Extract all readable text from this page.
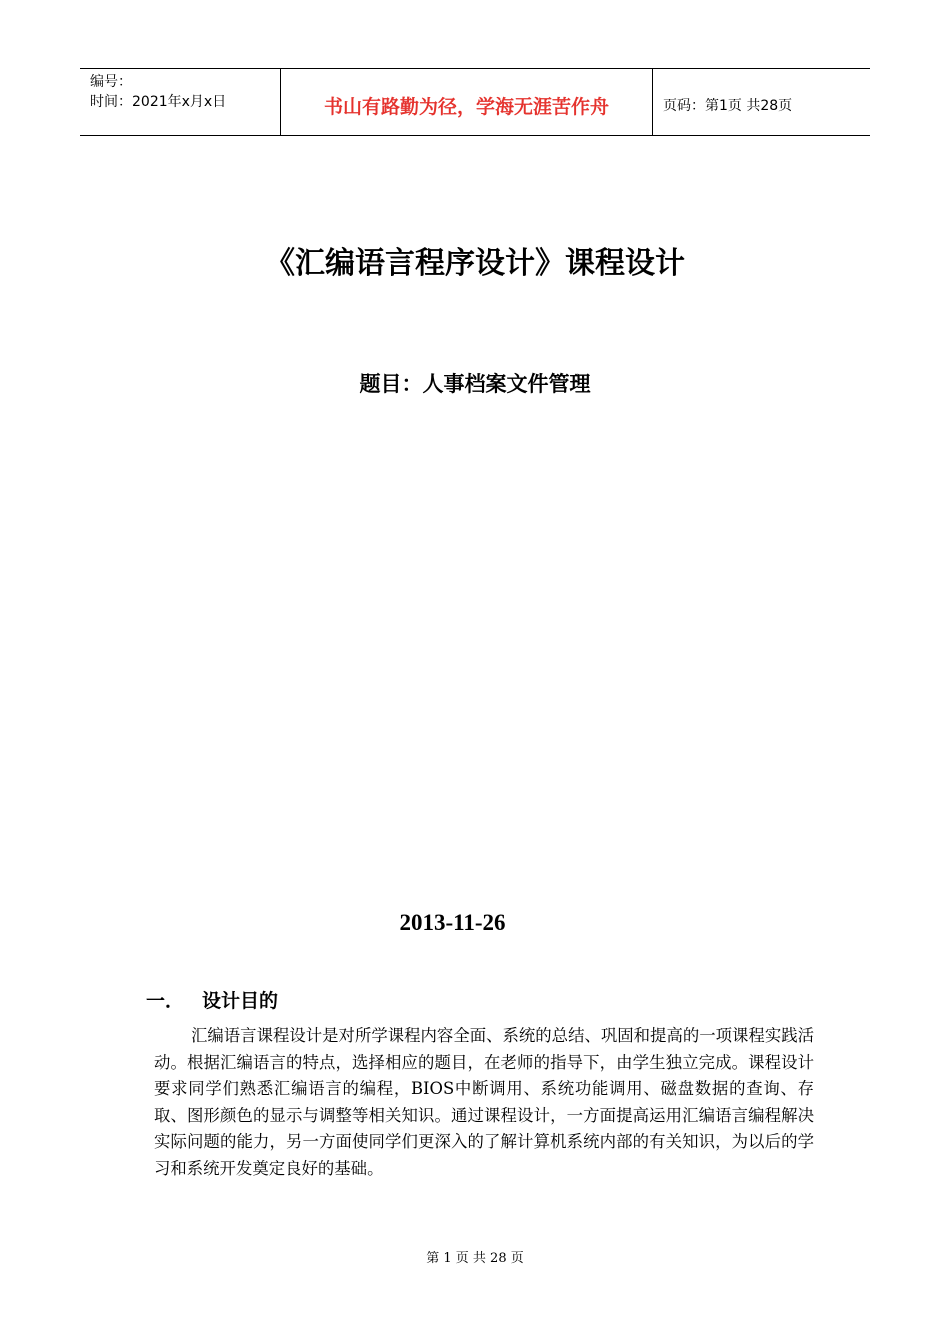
编号：
时间：2021年x月x日	书山有路勤为径，学海无涯苦作舟	页码：第1页 共28页
《汇编语言程序设计》课程设计
题目：人事档案文件管理
2013-11-26
一． 设计目的
汇编语言课程设计是对所学课程内容全面、系统的总结、巩固和提高的一项课程实践活动。根据汇编语言的特点，选择相应的题目，在老师的指导下，由学生独立完成。课程设计要求同学们熟悉汇编语言的编程，BIOS中断调用、系统功能调用、磁盘数据的查询、存取、图形颜色的显示与调整等相关知识。通过课程设计，一方面提高运用汇编语言编程解决实际问题的能力，另一方面使同学们更深入的了解计算机系统内部的有关知识，为以后的学习和系统开发奠定良好的基础。
第 1 页 共 28 页
